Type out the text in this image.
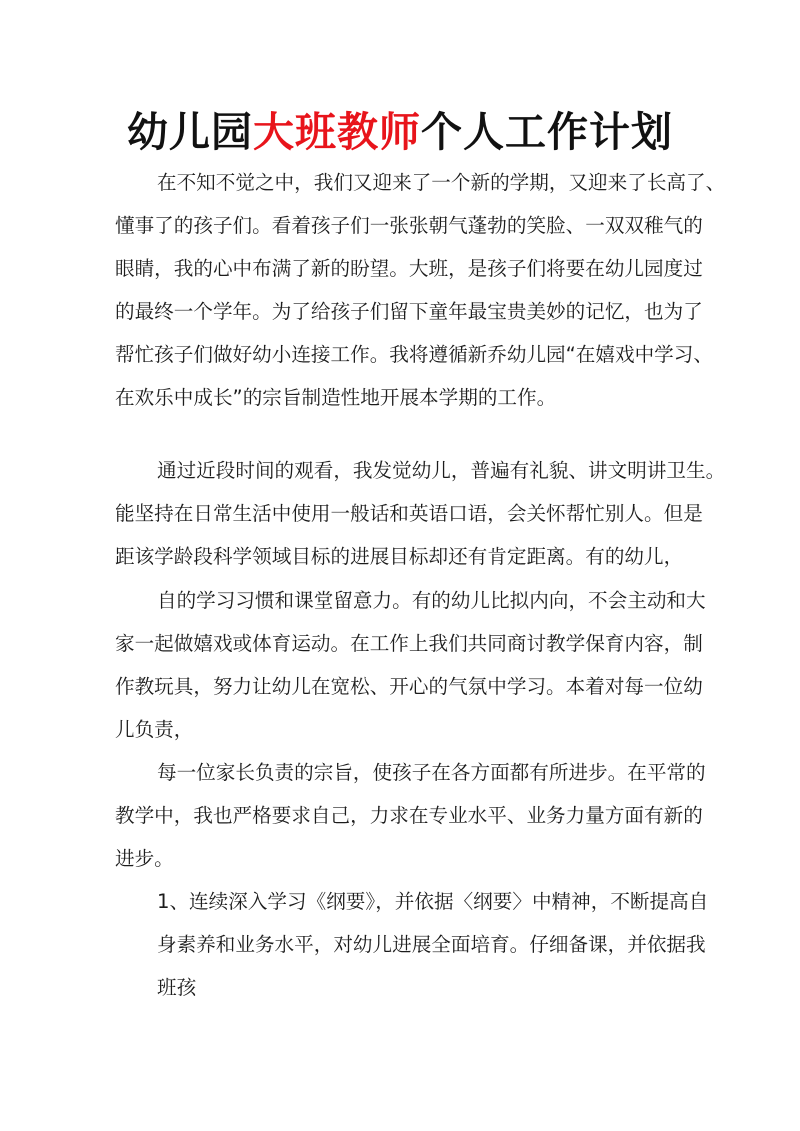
幼儿园大班教师个人工作计划
在不知不觉之中，我们又迎来了一个新的学期，又迎来了长高了、
懂事了的孩子们。看着孩子们一张张朝气蓬勃的笑脸、一双双稚气的
眼睛，我的心中布满了新的盼望。大班，是孩子们将要在幼儿园度过
的最终一个学年。为了给孩子们留下童年最宝贵美妙的记忆，也为了
帮忙孩子们做好幼小连接工作。我将遵循新乔幼儿园“在嬉戏中学习、
在欢乐中成长”的宗旨制造性地开展本学期的工作。
通过近段时间的观看，我发觉幼儿，普遍有礼貌、讲文明讲卫生。
能坚持在日常生活中使用一般话和英语口语，会关怀帮忙别人。但是
距该学龄段科学领域目标的进展目标却还有肯定距离。有的幼儿，
自的学习习惯和课堂留意力。有的幼儿比拟内向，不会主动和大
家一起做嬉戏或体育运动。在工作上我们共同商讨教学保育内容，制
作教玩具，努力让幼儿在宽松、开心的气氛中学习。本着对每一位幼
儿负责，
每一位家长负责的宗旨，使孩子在各方面都有所进步。在平常的
教学中，我也严格要求自己，力求在专业水平、业务力量方面有新的
进步。
1、连续深入学习《纲要》，并依据〈纲要〉中精神，不断提高自
身素养和业务水平，对幼儿进展全面培育。仔细备课，并依据我
班孩
